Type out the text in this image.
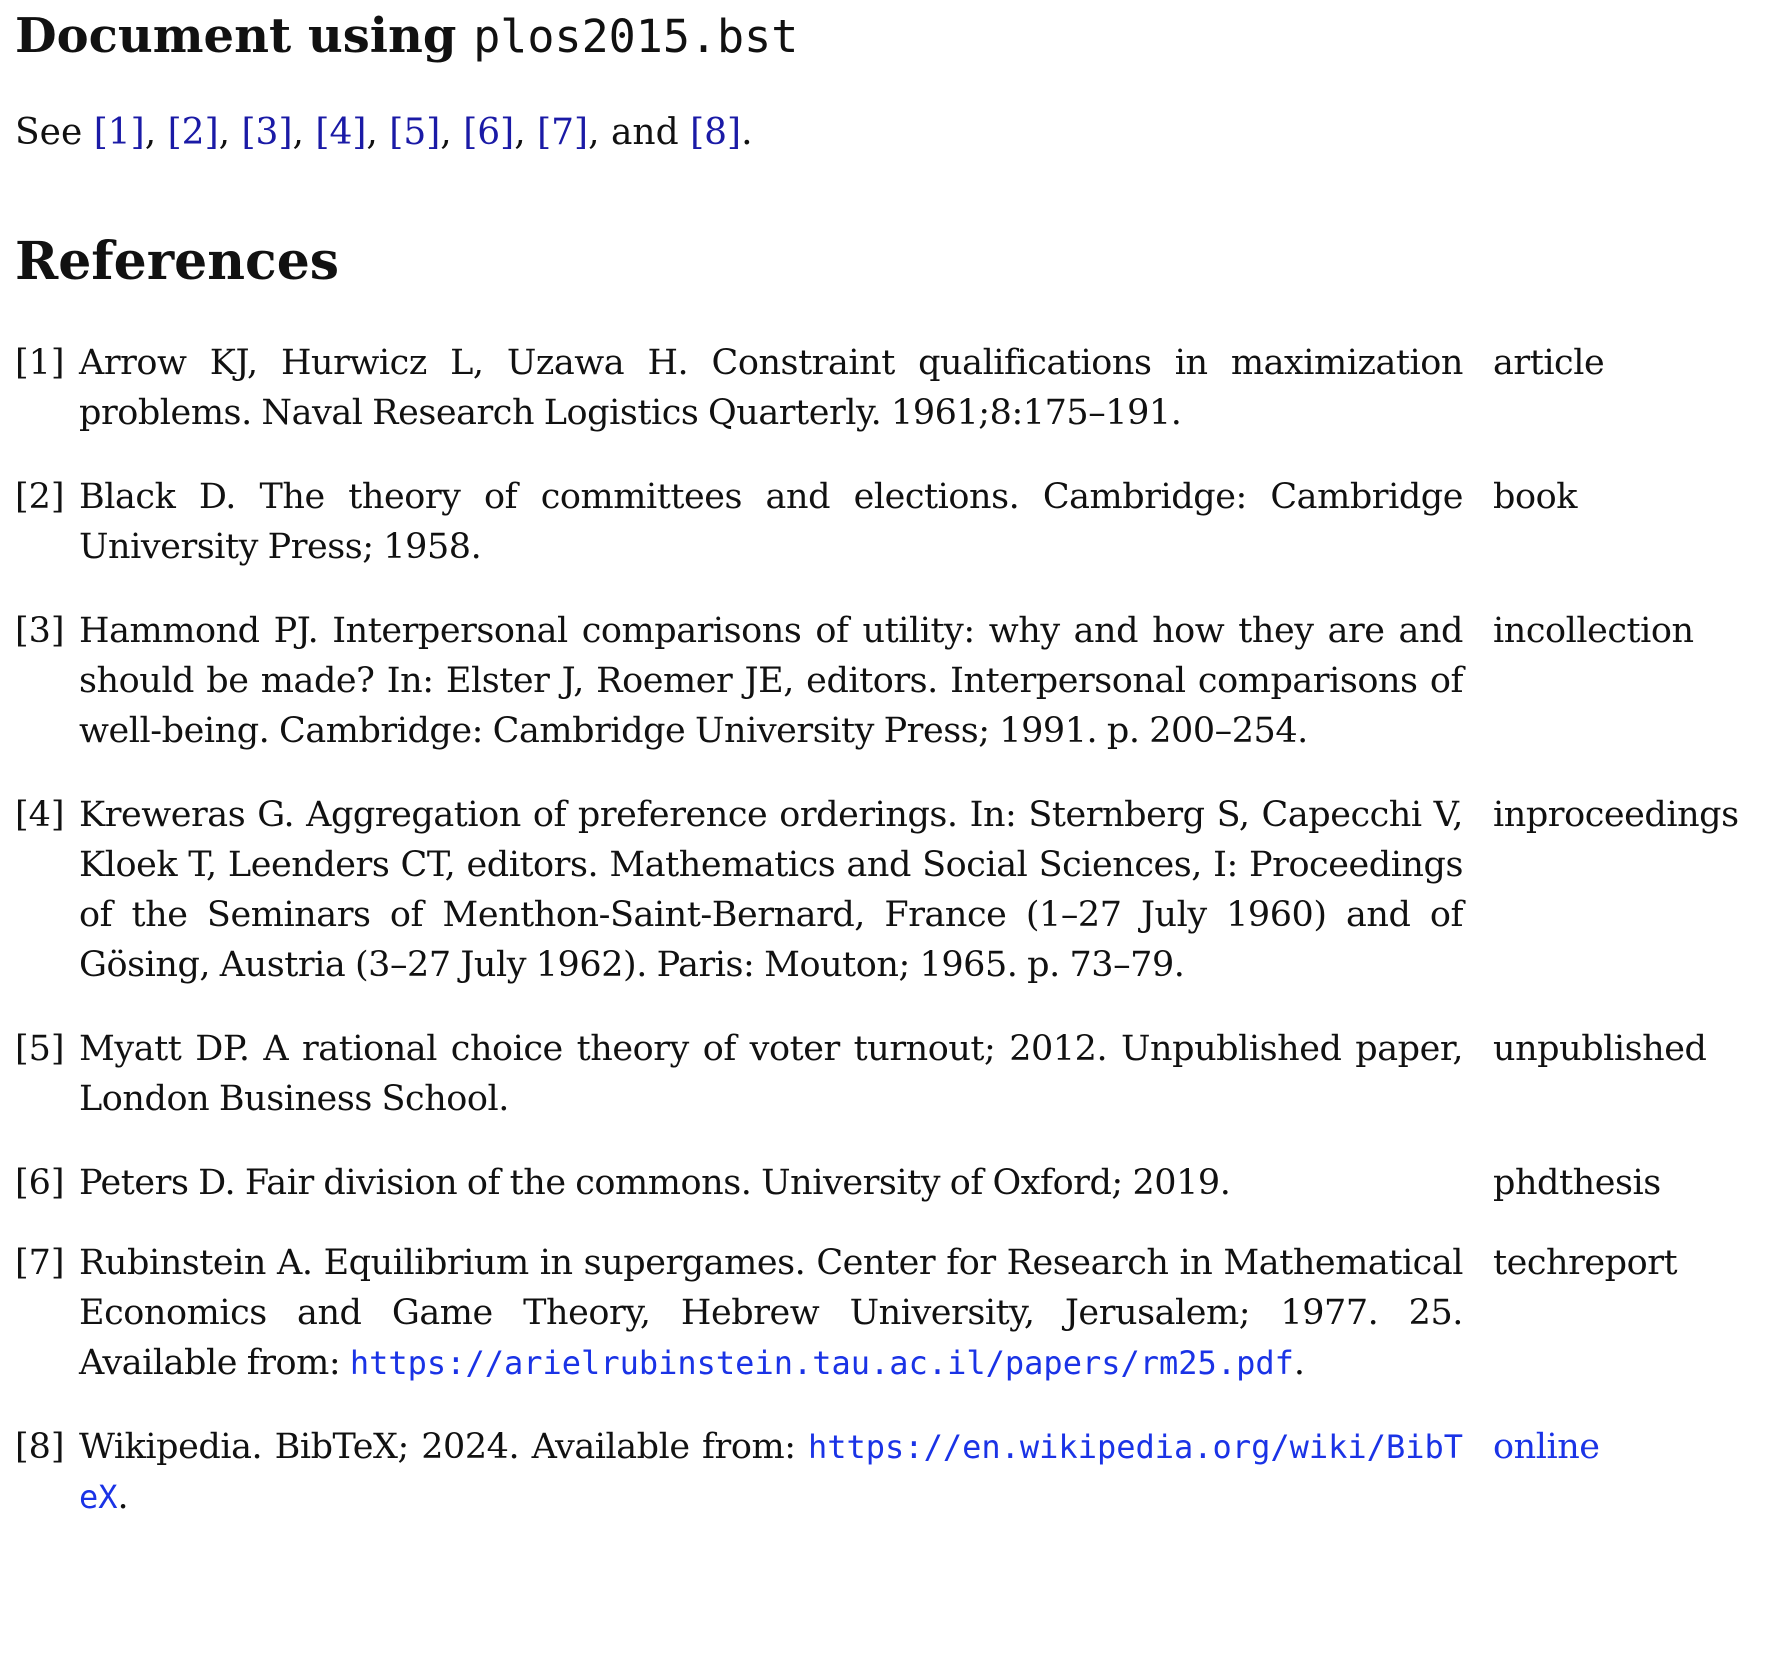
Document using plos2015.bst

See [1], [2], [3], [4], [5], [6], [7], and [8].

References
[1] Arrow KJ, Hurwicz L, Uzawa H. Constraint qualifications in maximization problems. Naval Research Logistics Quarterly. 1961;8:175–191.
article
[2] Black D. The theory of committees and elections. Cambridge: Cambridge University Press; 1958.
book
[3] Hammond PJ. Interpersonal comparisons of utility: why and how they are and should be made? In: Elster J, Roemer JE, editors. Interpersonal comparisons of well-being. Cambridge: Cambridge University Press; 1991. p. 200–254.
incollection
[4] Kreweras G. Aggregation of preference orderings. In: Sternberg S, Capecchi V, Kloek T, Leenders CT, editors. Mathematics and Social Sciences, I: Proceedings of the Seminars of Menthon-Saint-Bernard, France (1–27 July 1960) and of Gösing, Austria (3–27 July 1962). Paris: Mouton; 1965. p. 73–79.
inproceedings
[5] Myatt DP. A rational choice theory of voter turnout; 2012. Unpublished paper, London Business School.
unpublished
[6] Peters D. Fair division of the commons. University of Oxford; 2019.	phdthesis
[7] Rubinstein A. Equilibrium in supergames. Center for Research in Mathematical Economics and Game Theory, Hebrew University, Jerusalem; 1977. 25. Available from: https://arielrubinstein.tau.ac.il/papers/rm25.pdf.
techreport
[8] Wikipedia. BibTeX; 2024. Available from: https://en.wikipedia.org/wiki/BibTeX.
online
